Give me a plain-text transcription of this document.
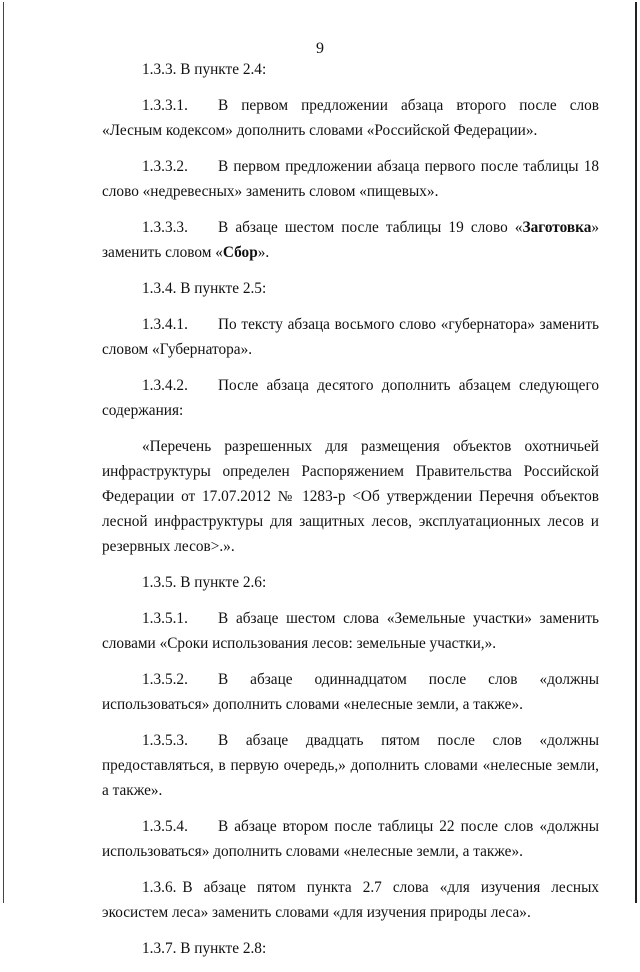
9

1.3.3. В пункте 2.4:

1.3.3.1. В первом предложении абзаца второго после слов «Лесным кодексом» дополнить словами «Российской Федерации».

1.3.3.2. В первом предложении абзаца первого после таблицы 18 слово «недревесных» заменить словом «пищевых».

1.3.3.3. В абзаце шестом после таблицы 19 слово «Заготовка» заменить словом «Сбор».

1.3.4. В пункте 2.5:

1.3.4.1. По тексту абзаца восьмого слово «губернатора» заменить словом «Губернатора».

1.3.4.2. После абзаца десятого дополнить абзацем следующего содержания:

«Перечень разрешенных для размещения объектов охотничьей инфраструктуры определен Распоряжением Правительства Российской Федерации от 17.07.2012 № 1283-р <Об утверждении Перечня объектов лесной инфраструктуры для защитных лесов, эксплуатационных лесов и резервных лесов>.».

1.3.5. В пункте 2.6:

1.3.5.1. В абзаце шестом слова «Земельные участки» заменить словами «Сроки использования лесов: земельные участки,».

1.3.5.2. В абзаце одиннадцатом после слов «должны использоваться» дополнить словами «нелесные земли, а также».

1.3.5.3. В абзаце двадцать пятом после слов «должны предоставляться, в первую очередь,» дополнить словами «нелесные земли, а также».

1.3.5.4. В абзаце втором после таблицы 22 после слов «должны использоваться» дополнить словами «нелесные земли, а также».

1.3.6. В абзаце пятом пункта 2.7 слова «для изучения лесных экосистем леса» заменить словами «для изучения природы леса».

1.3.7. В пункте 2.8:
